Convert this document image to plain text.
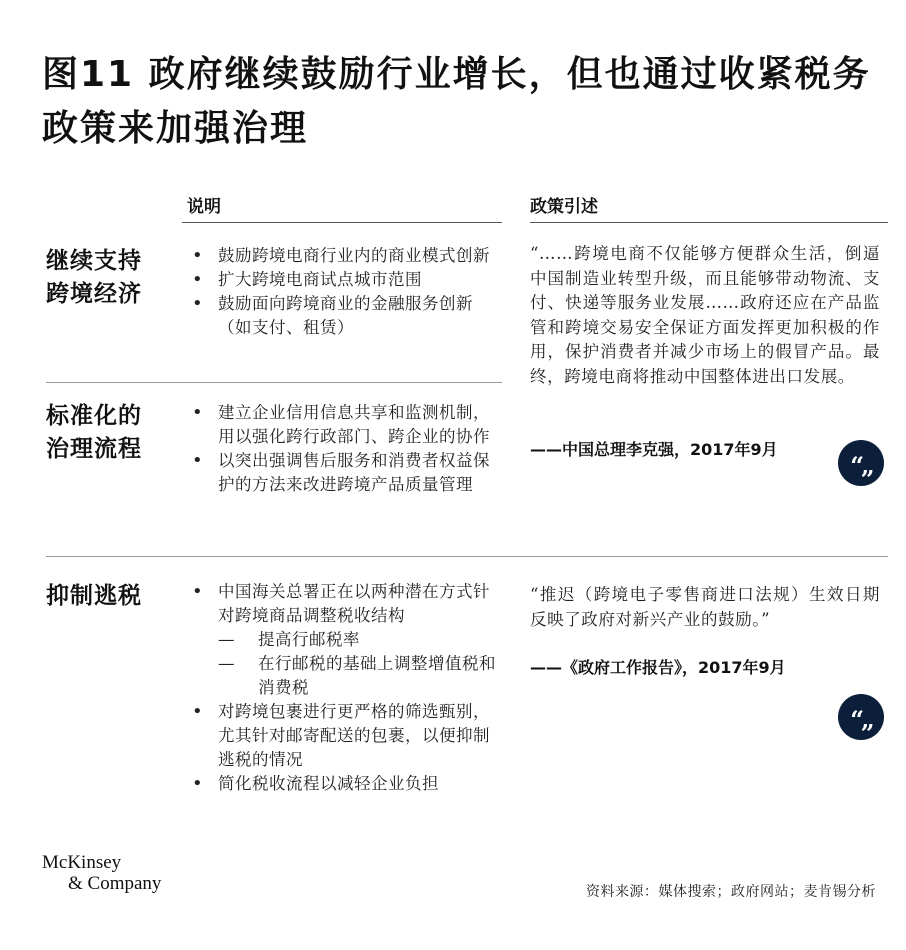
图11 政府继续鼓励行业增长，但也通过收紧税务政策来加强治理
说明	政策引述
继续支持
跨境经济
• 鼓励跨境电商行业内的商业模式创新
• 扩大跨境电商试点城市范围
• 鼓励面向跨境商业的金融服务创新（如支付、租赁）
标准化的
治理流程
• 建立企业信用信息共享和监测机制，用以强化跨行政部门、跨企业的协作
• 以突出强调售后服务和消费者权益保护的方法来改进跨境产品质量管理
抑制逃税
•	中国海关总署正在以两种潜在方式针对跨境商品调整税收结构
— 提高行邮税率
— 在行邮税的基础上调整增值税和消费税
• 对跨境包裹进行更严格的筛选甄别，尤其针对邮寄配送的包裹，以便抑制逃税的情况
• 简化税收流程以减轻企业负担
“……跨境电商不仅能够方便群众生活，倒逼中国制造业转型升级，而且能够带动物流、支付、快递等服务业发展……政府还应在产品监管和跨境交易安全保证方面发挥更加积极的作用，保护消费者并减少市场上的假冒产品。最终，跨境电商将推动中国整体进出口发展。
——中国总理李克强，2017年9月
“„
“推迟（跨境电子零售商进口法规）生效日期反映了政府对新兴产业的鼓励。”
——《政府工作报告》，2017年9月
“„
McKinsey
& Company	资料来源：媒体搜索；政府网站；麦肯锡分析
